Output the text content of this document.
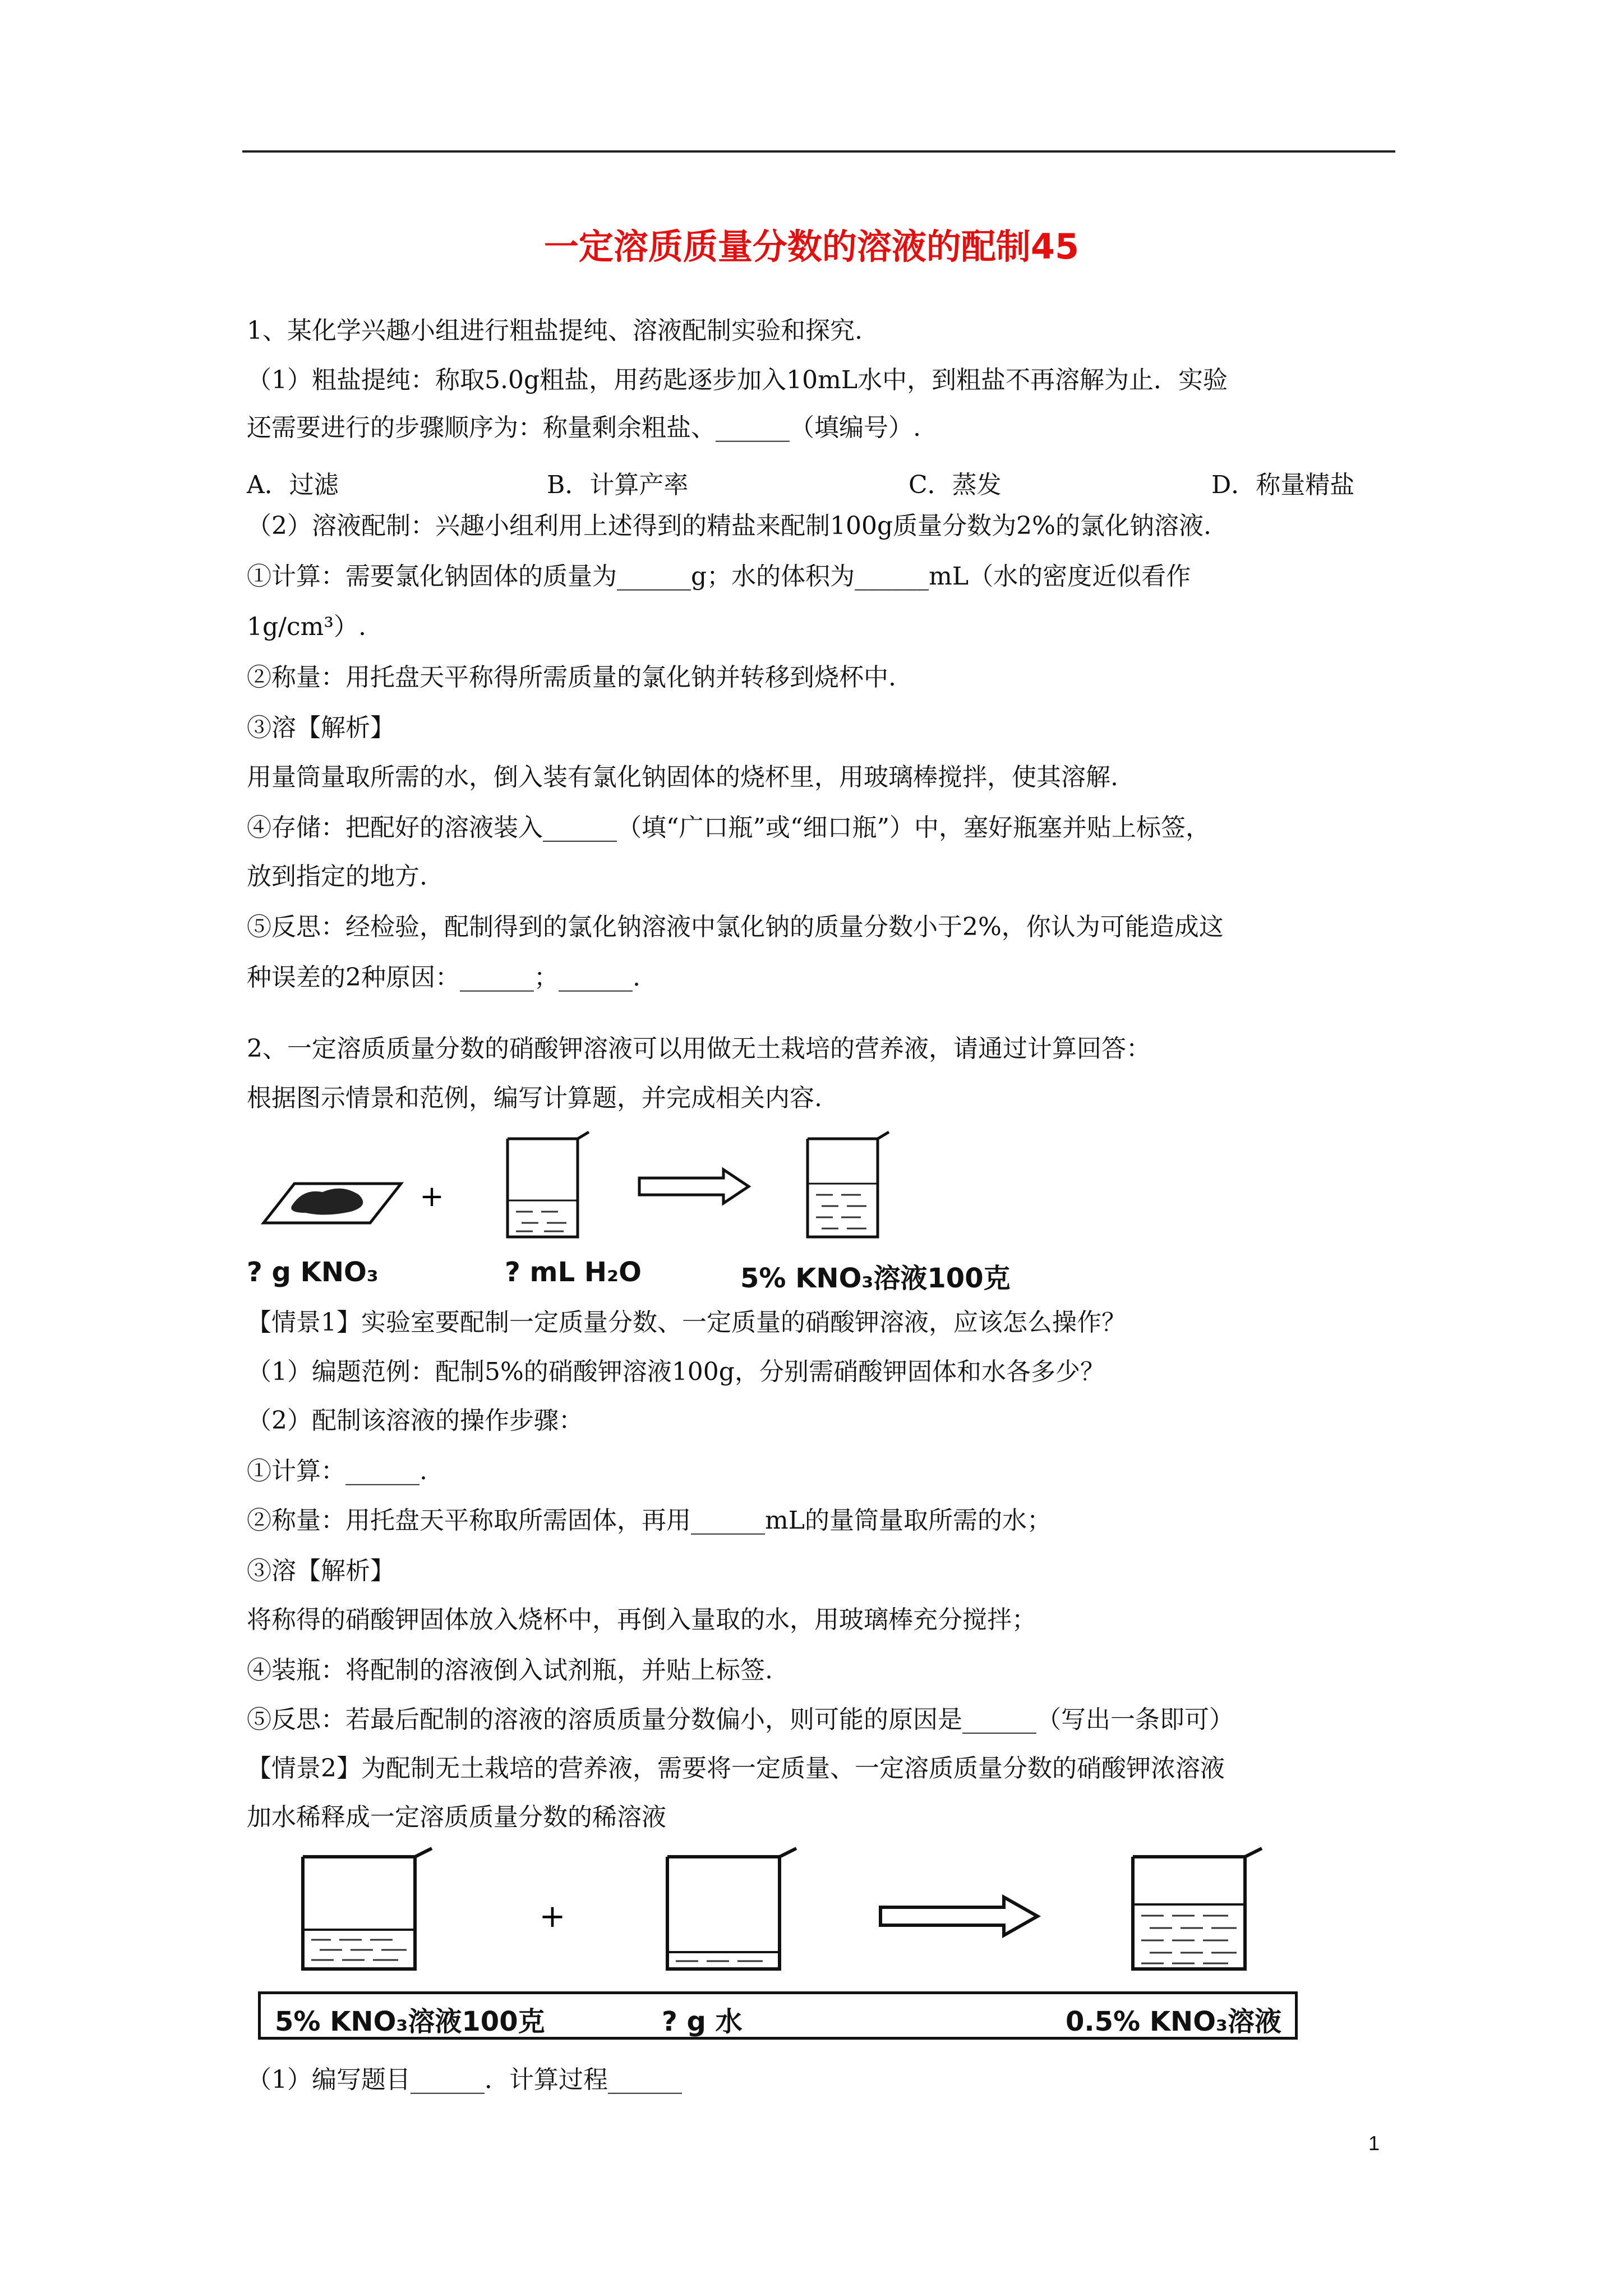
一定溶质质量分数的溶液的配制45
1、某化学兴趣小组进行粗盐提纯、溶液配制实验和探究.
（1）粗盐提纯：称取5.0g粗盐，用药匙逐步加入10mL水中，到粗盐不再溶解为止．实验
还需要进行的步骤顺序为：称量剩余粗盐、______（填编号）.
A．过滤	B．计算产率	C．蒸发	D．称量精盐
（2）溶液配制：兴趣小组利用上述得到的精盐来配制100g质量分数为2%的氯化钠溶液.
①计算：需要氯化钠固体的质量为______g；水的体积为______mL（水的密度近似看作
1g/cm³）.
②称量：用托盘天平称得所需质量的氯化钠并转移到烧杯中.
③溶【解析】
用量筒量取所需的水，倒入装有氯化钠固体的烧杯里，用玻璃棒搅拌，使其溶解.
④存储：把配好的溶液装入______（填“广口瓶”或“细口瓶”）中，塞好瓶塞并贴上标签，
放到指定的地方.
⑤反思：经检验，配制得到的氯化钠溶液中氯化钠的质量分数小于2%，你认为可能造成这
种误差的2种原因：______；______.
2、一定溶质质量分数的硝酸钾溶液可以用做无土栽培的营养液，请通过计算回答：
根据图示情景和范例，编写计算题，并完成相关内容.
+
? g KNO₃	? mL H₂O	5% KNO₃溶液100克
【情景1】实验室要配制一定质量分数、一定质量的硝酸钾溶液，应该怎么操作？
（1）编题范例：配制5%的硝酸钾溶液100g，分别需硝酸钾固体和水各多少？
（2）配制该溶液的操作步骤：
①计算：______.
②称量：用托盘天平称取所需固体，再用______mL的量筒量取所需的水；
③溶【解析】
将称得的硝酸钾固体放入烧杯中，再倒入量取的水，用玻璃棒充分搅拌；
④装瓶：将配制的溶液倒入试剂瓶，并贴上标签.
⑤反思：若最后配制的溶液的溶质质量分数偏小，则可能的原因是______（写出一条即可）
【情景2】为配制无土栽培的营养液，需要将一定质量、一定溶质质量分数的硝酸钾浓溶液
加水稀释成一定溶质质量分数的稀溶液
+
5% KNO₃溶液100克	? g 水	0.5% KNO₃溶液
（1）编写题目______．计算过程______
1
